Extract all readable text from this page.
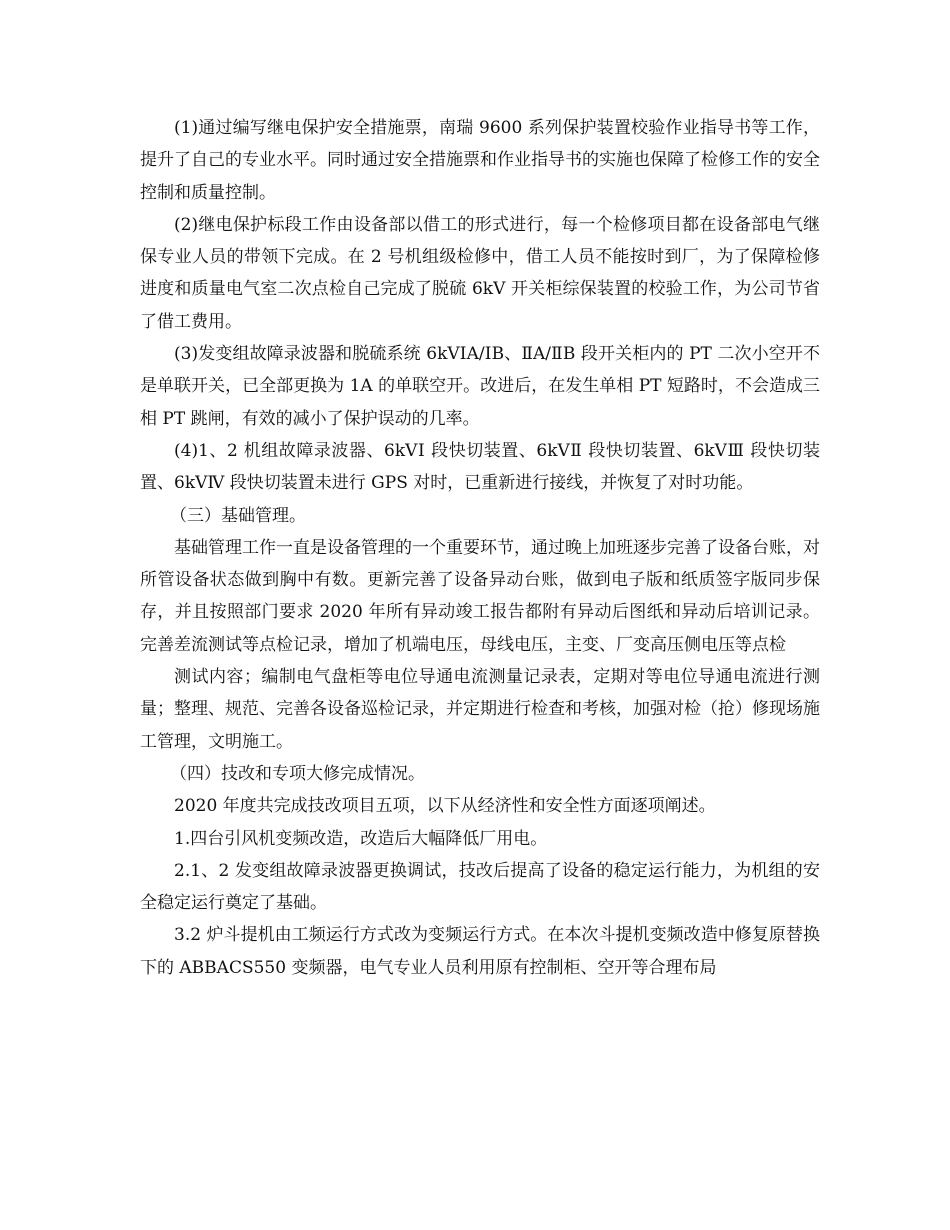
(1)通过编写继电保护安全措施票，南瑞 9600 系列保护装置校验作业指导书等工作，提升了自己的专业水平。同时通过安全措施票和作业指导书的实施也保障了检修工作的安全控制和质量控制。

(2)继电保护标段工作由设备部以借工的形式进行，每一个检修项目都在设备部电气继保专业人员的带领下完成。在 2 号机组级检修中，借工人员不能按时到厂，为了保障检修进度和质量电气室二次点检自己完成了脱硫 6kV 开关柜综保装置的校验工作，为公司节省了借工费用。

(3)发变组故障录波器和脱硫系统 6kVⅠA/ⅠB、ⅡA/ⅡB 段开关柜内的 PT 二次小空开不是单联开关，已全部更换为 1A 的单联空开。改进后，在发生单相 PT 短路时，不会造成三相 PT 跳闸，有效的减小了保护误动的几率。

(4)1、2 机组故障录波器、6kVⅠ 段快切装置、6kVⅡ 段快切装置、6kVⅢ 段快切装置、6kVⅣ 段快切装置未进行 GPS 对时，已重新进行接线，并恢复了对时功能。

（三）基础管理。

基础管理工作一直是设备管理的一个重要环节，通过晚上加班逐步完善了设备台账，对所管设备状态做到胸中有数。更新完善了设备异动台账，做到电子版和纸质签字版同步保存，并且按照部门要求 2020 年所有异动竣工报告都附有异动后图纸和异动后培训记录。完善差流测试等点检记录，增加了机端电压，母线电压，主变、厂变高压侧电压等点检

测试内容；编制电气盘柜等电位导通电流测量记录表，定期对等电位导通电流进行测量；整理、规范、完善各设备巡检记录，并定期进行检查和考核，加强对检（抢）修现场施工管理，文明施工。

（四）技改和专项大修完成情况。

2020 年度共完成技改项目五项，以下从经济性和安全性方面逐项阐述。

1.四台引风机变频改造，改造后大幅降低厂用电。

2.1、2 发变组故障录波器更换调试，技改后提高了设备的稳定运行能力，为机组的安全稳定运行奠定了基础。

3.2 炉斗提机由工频运行方式改为变频运行方式。在本次斗提机变频改造中修复原替换下的 ABBACS550 变频器，电气专业人员利用原有控制柜、空开等合理布局
